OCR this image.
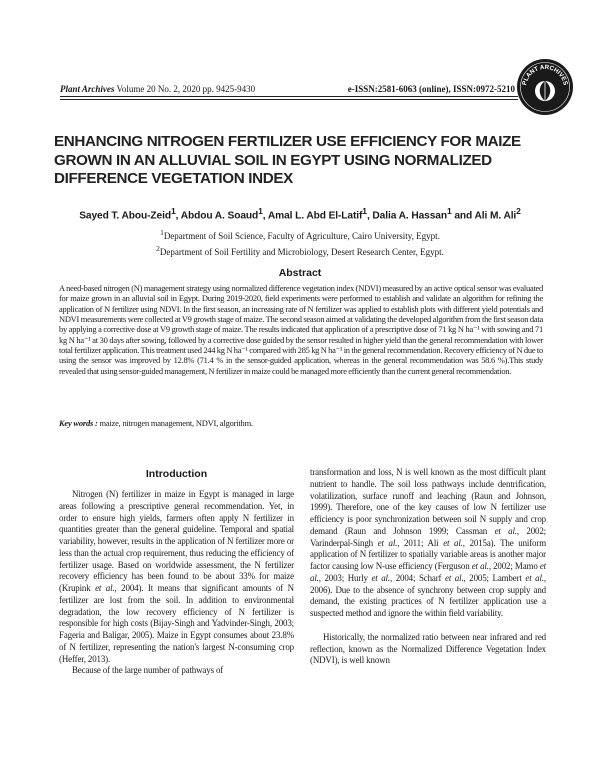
Plant Archives Volume 20 No. 2, 2020 pp. 9425-9430	e-ISSN:2581-6063 (online), ISSN:0972-5210
PLANT ARCHIVES
ENHANCING NITROGEN FERTILIZER USE EFFICIENCY FOR MAIZE GROWN IN AN ALLUVIAL SOIL IN EGYPT USING NORMALIZED DIFFERENCE VEGETATION INDEX
Sayed T. Abou-Zeid$^1$, Abdou A. Soaud$^1$, Amal L. Abd El-Latif$^1$, Dalia A. Hassan$^1$ and Ali M. Ali$^2$
$^1$Department of Soil Science, Faculty of Agriculture, Cairo University, Egypt.
$^2$Department of Soil Fertility and Microbiology, Desert Research Center, Egypt.
Abstract

A need-based nitrogen (N) management strategy using normalized difference vegetation index (NDVI) measured by an active optical sensor was evaluated for maize grown in an alluvial soil in Egypt. During 2019-2020, field experiments were performed to establish and validate an algorithm for refining the application of N fertilizer using NDVI. In the first season, an increasing rate of N fertilizer was applied to establish plots with different yield potentials and NDVI measurements were collected at V9 growth stage of maize. The second season aimed at validating the developed algorithm from the first season data by applying a corrective dose at V9 growth stage of maize. The results indicated that application of a prescriptive dose of 71 kg N ha⁻¹ with sowing and 71 kg N ha⁻¹ at 30 days after sowing, followed by a corrective dose guided by the sensor resulted in higher yield than the general recommendation with lower total fertilizer application. This treatment used 244 kg N ha⁻¹ compared with 285 kg N ha⁻¹ in the general recommendation. Recovery efficiency of N due to using the sensor was improved by 12.8% (71.4 % in the sensor-guided application, whereas in the general recommendation was 58.6 %).This study revealed that using sensor-guided management, N fertilizer in maize could be managed more efficiently than the current general recommendation.

Key words : maize, nitrogen management, NDVI, algorithm.
Introduction

Nitrogen (N) fertilizer in maize in Egypt is managed in large areas following a prescriptive general recommendation. Yet, in order to ensure high yields, farmers often apply N fertilizer in quantities greater than the general guideline. Temporal and spatial variability, however, results in the application of N fertilizer more or less than the actual crop requirement, thus reducing the efficiency of fertilizer usage. Based on worldwide assessment, the N fertilizer recovery efficiency has been found to be about 33% for maize (Krupink et al., 2004). It means that significant amounts of N fertilizer are lost from the soil. In addition to environmental degradation, the low recovery efficiency of N fertilizer is responsible for high costs (Bijay-Singh and Yadvinder-Singh, 2003; Fageria and Baligar, 2005). Maize in Egypt consumes about 23.8% of N fertilizer, representing the nation's largest N-consuming crop (Heffer, 2013).

Because of the large number of pathways of

transformation and loss, N is well known as the most difficult plant nutrient to handle. The soil loss pathways include dentrification, volatilization, surface runoff and leaching (Raun and Johnson, 1999). Therefore, one of the key causes of low N fertilizer use efficiency is poor synchronization between soil N supply and crop demand (Raun and Johnson 1999; Cassman et al., 2002; Varinderpal-Singh et al., 2011; Ali et al., 2015a). The uniform application of N fertilizer to spatially variable areas is another major factor causing low N-use efficiency (Ferguson et al., 2002; Mamo et al., 2003; Hurly et al., 2004; Scharf et al., 2005; Lambert et al., 2006). Due to the absence of synchrony between crop supply and demand, the existing practices of N fertilizer application use a suspected method and ignore the within field variability.

Historically, the normalized ratio between near infrared and red reflection, known as the Normalized Difference Vegetation Index (NDVI), is well known
